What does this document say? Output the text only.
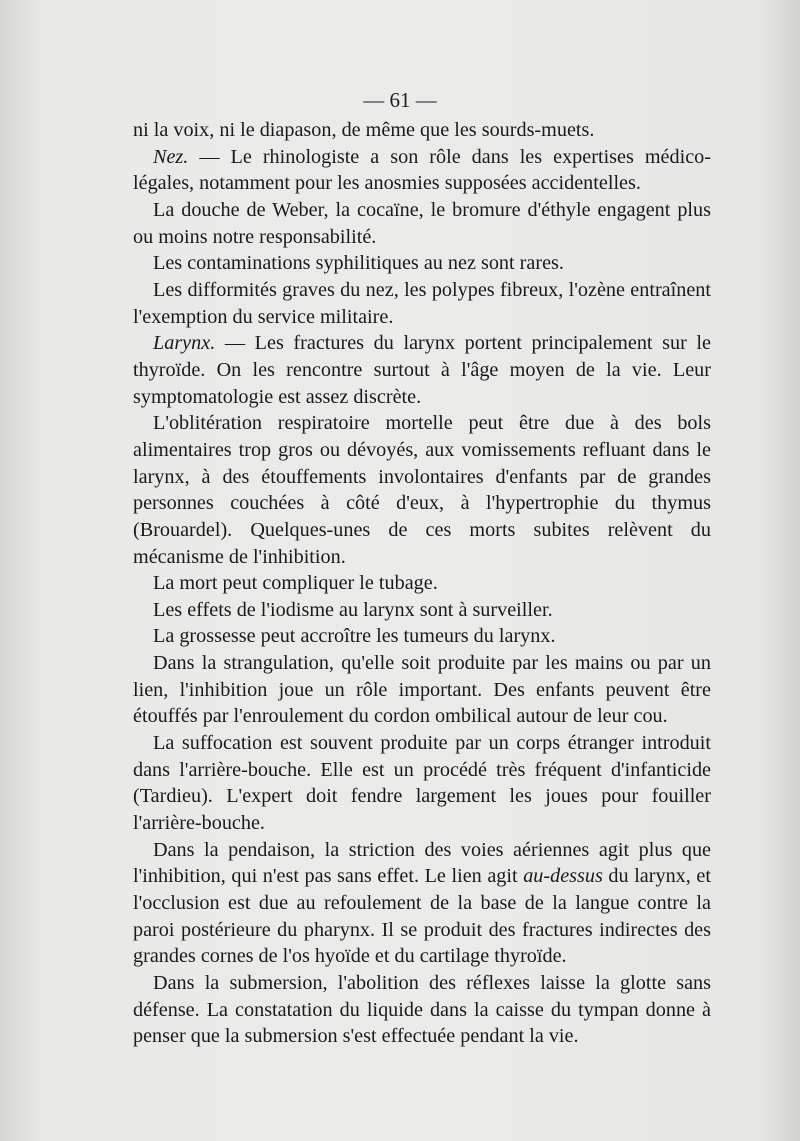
— 61 —

ni la voix, ni le diapason, de même que les sourds-muets.

Nez. — Le rhinologiste a son rôle dans les expertises médico-légales, notamment pour les anosmies supposées accidentelles.

La douche de Weber, la cocaïne, le bromure d'éthyle engagent plus ou moins notre responsabilité.

Les contaminations syphilitiques au nez sont rares.

Les difformités graves du nez, les polypes fibreux, l'ozène entraînent l'exemption du service militaire.

Larynx. — Les fractures du larynx portent principalement sur le thyroïde. On les rencontre surtout à l'âge moyen de la vie. Leur symptomatologie est assez discrète.

L'oblitération respiratoire mortelle peut être due à des bols alimentaires trop gros ou dévoyés, aux vomissements refluant dans le larynx, à des étouffements involontaires d'enfants par de grandes personnes couchées à côté d'eux, à l'hypertrophie du thymus (Brouardel). Quelques-unes de ces morts subites relèvent du mécanisme de l'inhibition.

La mort peut compliquer le tubage.

Les effets de l'iodisme au larynx sont à surveiller.

La grossesse peut accroître les tumeurs du larynx.

Dans la strangulation, qu'elle soit produite par les mains ou par un lien, l'inhibition joue un rôle important. Des enfants peuvent être étouffés par l'enroulement du cordon ombilical autour de leur cou.

La suffocation est souvent produite par un corps étranger introduit dans l'arrière-bouche. Elle est un procédé très fréquent d'infanticide (Tardieu). L'expert doit fendre largement les joues pour fouiller l'arrière-bouche.

Dans la pendaison, la striction des voies aériennes agit plus que l'inhibition, qui n'est pas sans effet. Le lien agit au-dessus du larynx, et l'occlusion est due au refoulement de la base de la langue contre la paroi postérieure du pharynx. Il se produit des fractures indirectes des grandes cornes de l'os hyoïde et du cartilage thyroïde.

Dans la submersion, l'abolition des réflexes laisse la glotte sans défense. La constatation du liquide dans la caisse du tympan donne à penser que la submersion s'est effectuée pendant la vie.
